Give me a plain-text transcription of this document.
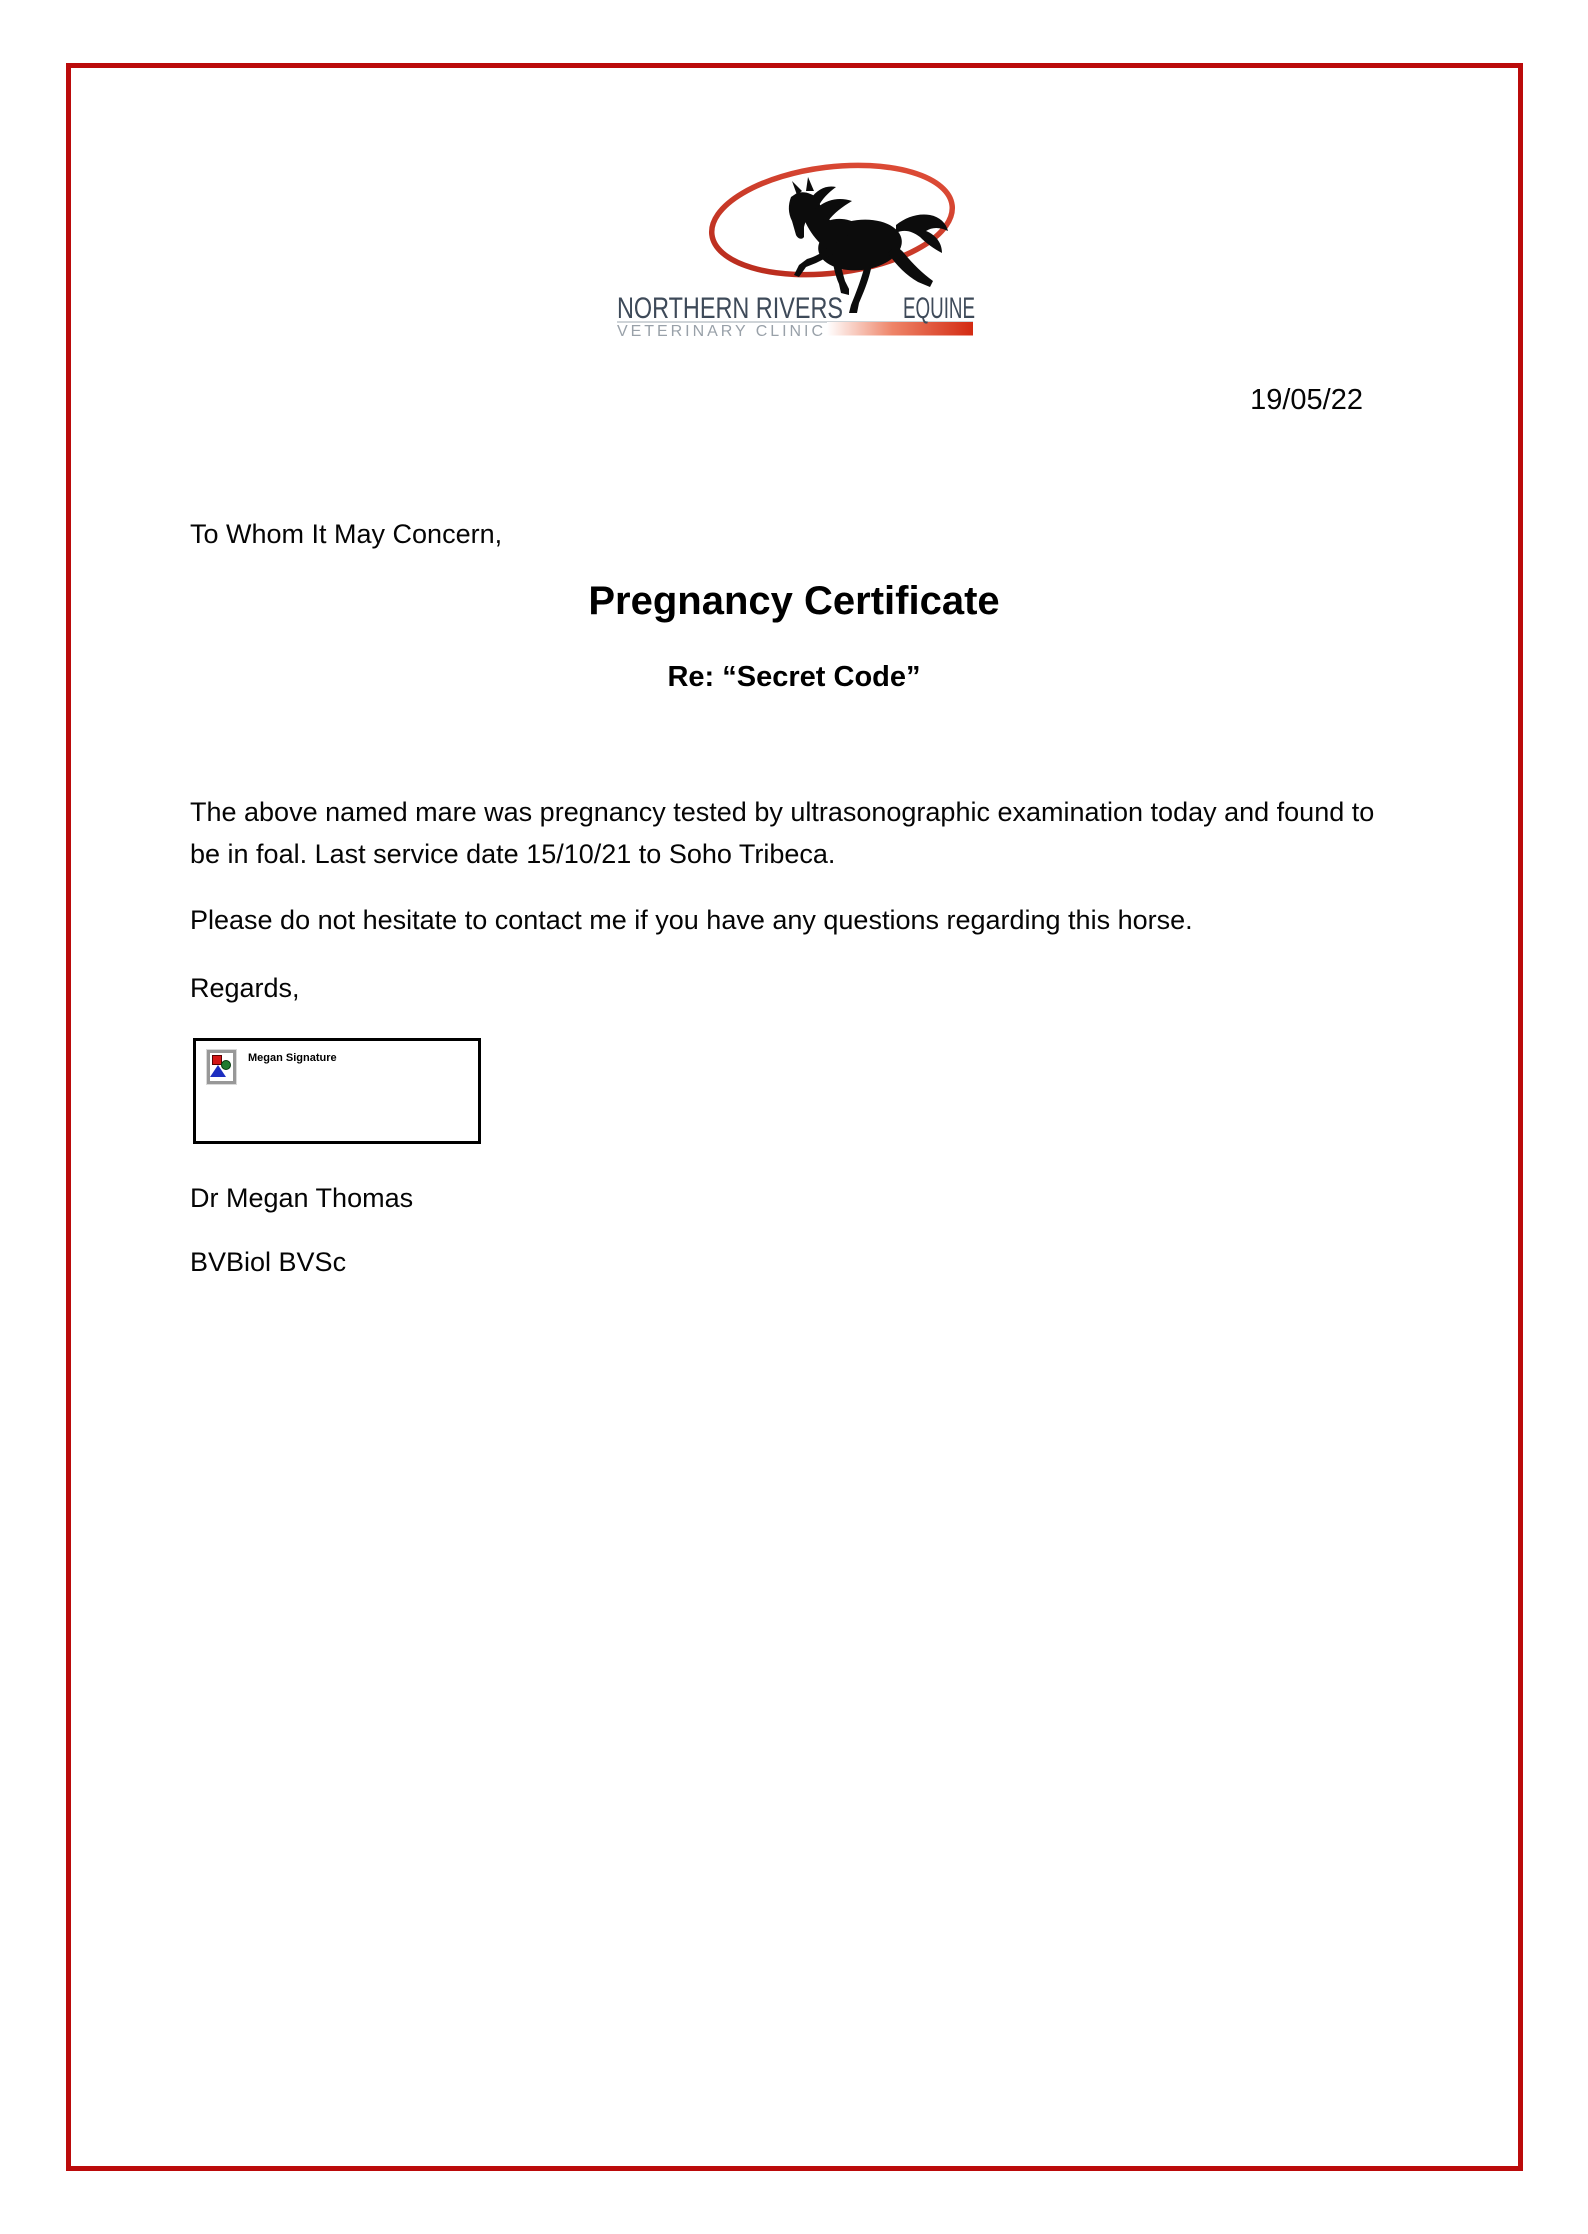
NORTHERN RIVERS EQUINE
VETERINARY CLINIC
19/05/22
To Whom It May Concern,
Pregnancy Certificate
Re: “Secret Code”
The above named mare was pregnancy tested by ultrasonographic examination today and found to
be in foal. Last service date 15/10/21 to Soho Tribeca.
Please do not hesitate to contact me if you have any questions regarding this horse.
Regards,
Megan Signature
Dr Megan Thomas
BVBiol BVSc
